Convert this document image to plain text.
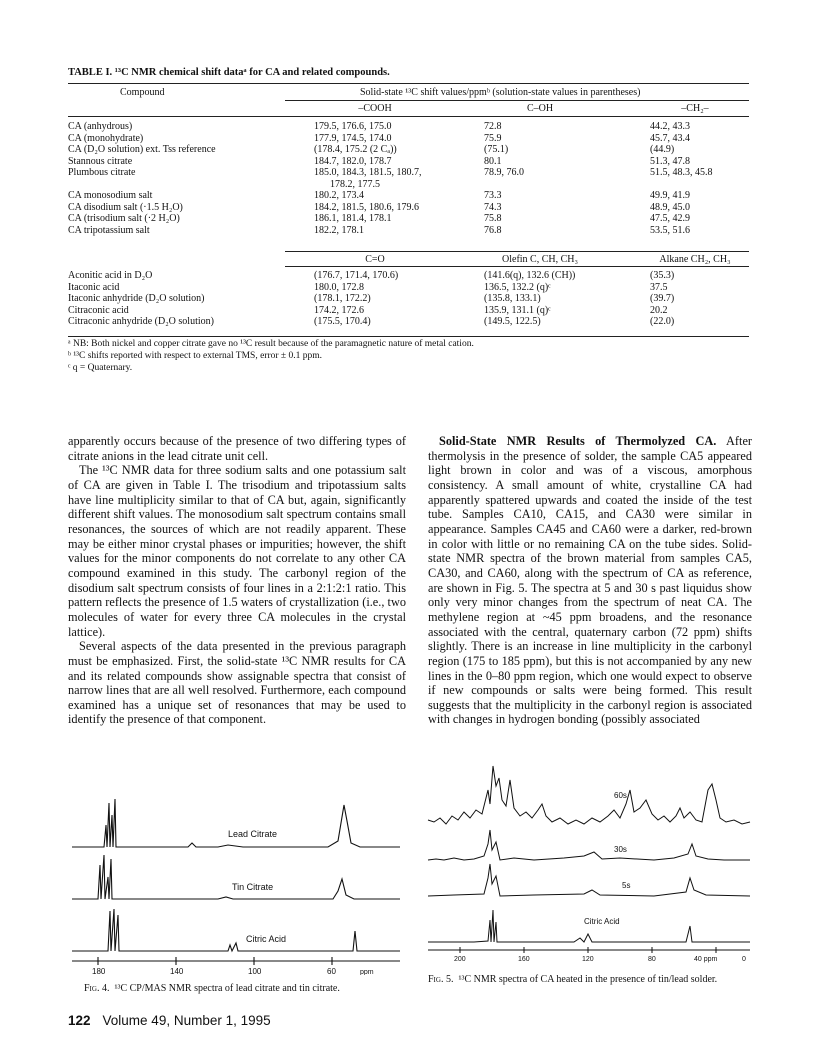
TABLE I. ¹³C NMR chemical shift dataᵃ for CA and related compounds.
Compound	Solid-state ¹³C shift values/ppmᵇ (solution-state values in parentheses)
–COOH	C–OH	–CH₂–
CA (anhydrous)	179.5, 176.6, 175.0	72.8	44.2, 43.3
CA (monohydrate)	177.9, 174.5, 174.0	75.9	45.7, 43.4
CA (D₂O solution) ext. Tss reference	(178.4, 175.2 (2 C⁠ₐ))	(75.1)	(44.9)
Stannous citrate	184.7, 182.0, 178.7	80.1	51.3, 47.8
Plumbous citrate	185.0, 184.3, 181.5, 180.7,	78.9, 76.0	51.5, 48.3, 45.8
178.2, 177.5
CA monosodium salt	180.2, 173.4	73.3	49.9, 41.9
CA disodium salt (·1.5 H₂O)	184.2, 181.5, 180.6, 179.6	74.3	48.9, 45.0
CA (trisodium salt (·2 H₂O)	186.1, 181.4, 178.1	75.8	47.5, 42.9
CA tripotassium salt	182.2, 178.1	76.8	53.5, 51.6
C=O	Olefin C, CH, CH₃	Alkane CH₂, CH₃
Aconitic acid in D₂O	(176.7, 171.4, 170.6)	(141.6(q), 132.6 (CH))	(35.3)
Itaconic acid	180.0, 172.8	136.5, 132.2 (q)ᶜ	37.5
Itaconic anhydride (D₂O solution)	(178.1, 172.2)	(135.8, 133.1)	(39.7)
Citraconic acid	174.2, 172.6	135.9, 131.1 (q)ᶜ	20.2
Citraconic anhydride (D₂O solution)	(175.5, 170.4)	(149.5, 122.5)	(22.0)
ᵃ NB: Both nickel and copper citrate gave no ¹³C result because of the paramagnetic nature of metal cation.
ᵇ ¹³C shifts reported with respect to external TMS, error ± 0.1 ppm.
ᶜ q = Quaternary.

apparently occurs because of the presence of two differing types of citrate anions in the lead citrate unit cell.

The ¹³C NMR data for three sodium salts and one potassium salt of CA are given in Table I. The trisodium and tripotassium salts have line multiplicity similar to that of CA but, again, significantly different shift values. The monosodium salt spectrum contains small resonances, the sources of which are not readily apparent. These may be either minor crystal phases or impurities; however, the shift values for the minor components do not correlate to any other CA compound examined in this study. The carbonyl region of the disodium salt spectrum consists of four lines in a 2:1:2:1 ratio. This pattern reflects the presence of 1.5 waters of crystallization (i.e., two molecules of water for every three CA molecules in the crystal lattice).

Several aspects of the data presented in the previous paragraph must be emphasized. First, the solid-state ¹³C NMR results for CA and its related compounds show assignable spectra that consist of narrow lines that are all well resolved. Furthermore, each compound examined has a unique set of resonances that may be used to identify the presence of that component.

Solid-State NMR Results of Thermolyzed CA. After thermolysis in the presence of solder, the sample CA5 appeared light brown in color and was of a viscous, amorphous consistency. A small amount of white, crystalline CA had apparently spattered upwards and coated the inside of the test tube. Samples CA10, CA15, and CA30 were similar in appearance. Samples CA45 and CA60 were a darker, red-brown in color with little or no remaining CA on the tube sides. Solid-state NMR spectra of the brown material from samples CA5, CA30, and CA60, along with the spectrum of CA as reference, are shown in Fig. 5. The spectra at 5 and 30 s past liquidus show only very minor changes from the spectrum of neat CA. The methylene region at ~45 ppm broadens, and the resonance associated with the central, quaternary carbon (72 ppm) shifts slightly. There is an increase in line multiplicity in the carbonyl region (175 to 185 ppm), but this is not accompanied by any new lines in the 0–80 ppm region, which one would expect to observe if new compounds or salts were being formed. This result suggests that the multiplicity in the carbonyl region is associated with changes in hydrogen bonding (possibly associated

Lead Citrate
Tin Citrate
Citric Acid
180	140	100	60	ppm
Fig. 4. ¹³C CP/MAS NMR spectra of lead citrate and tin citrate.
60s
30s
5s
Citric Acid
200	160	120	80	40 ppm	0
Fig. 5. ¹³C NMR spectra of CA heated in the presence of tin/lead solder.
122 Volume 49, Number 1, 1995
